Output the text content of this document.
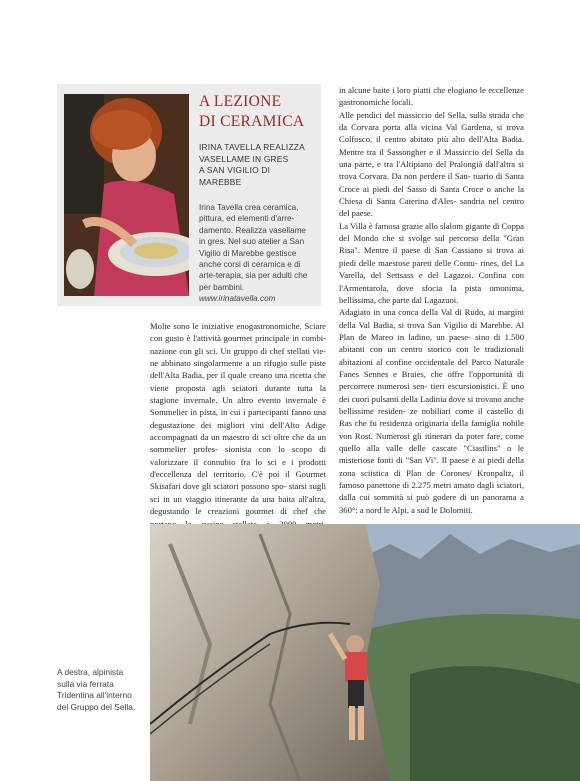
A LEZIONE
DI CERAMICA

IRINA TAVELLA REALIZZA
VASELLAME IN GRES
A SAN VIGILIO DI MAREBBE

Irina Tavella crea ceramica, pittura, ed elementi d'arre- damento. Realizza vasellame in gres. Nel suo atelier a San Vigilio di Marebbe gestisce anche corsi di ceramica e di arte-terapia, sia per adulti che per bambini.

www.irinatavella.com

Molte sono le iniziative enogastronomiche. Sciare con gusto è l'attività gourmet principale in combi- nazione con gli sci. Un gruppo di chef stellati vie- ne abbinato singolarmente a un rifugio sulle piste dell'Alta Badia, per il quale creano una ricetta che viene proposta agli sciatori durante tutta la stagione invernale. Un altro evento invernale è Sommelier in pista, in cui i partecipanti fanno una degustazione dei migliori vini dell'Alto Adige accompagnati da un maestro di sci oltre che da un sommelier profes- sionista con lo scopo di valorizzare il connubio fra lo sci e i prodotti d'eccellenza del territorio. C'è poi il Gourmet Skisafari dove gli sciatori possono spo- starsi sugli sci in un viaggio itinerante da una baita all'altra, degustando le creazioni gourmet di chef che

in alcune baite i loro piatti che elogiano le eccellenze gastronomiche locali.

Alle pendici del massiccio del Sella, sulla strada che da Corvara porta alla vicina Val Gardena, si trova Colfosco, il centro abitato più alto dell'Alta Badia. Mentre tra il Sassongher e il Massiccio del Sella da una parte, e tra l'Altipiano del Pralongià dall'altra si trova Corvara. Da non perdere il San- tuario di Santa Croce ai piedi del Sasso di Santa Croce o anche la Chiesa di Santa Caterina d'Ales- sandria nel centro del paese.

La Villa è famosa grazie allo slalom gigante di Coppa del Mondo che si svolge sul percorso della "Gran Risa". Mentre il paese di San Cassiano si trova ai piedi delle maestose pareti delle Contu- rines, del La Varella, del Settsass e del Lagazoi. Confina con l'Armentarola, dove sfocia la pista omonima, bellissima, che parte dal Lagazuoi.

Adagiato in una conca della Val di Rudo, ai margini della Val Badia, si trova San Vigilio di Marebbe. Al Plan de Mareo in ladino, un paese- sino di 1.500 abitanti con un centro storico con le tradizionali abitazioni al confine occidentale del Parco Naturale Fanes Sennes e Braies, che offre l'opportunità di percorrere numerosi sen- tieri escursionistici. È uno dei cuori pulsanti della Ladinia dove si trovano anche bellissime residen- ze nobiliari come il castello di Ras che fu residenza originaria della famiglia nobile von Rost. Numerosi gli itinerari da poter fare, come quello alla valle delle cascate "Ciastlins" o le misteriose fonti di "San Vì". Il paese è ai piedi della zona sciistica di Plan de Corones/ Kronpaltz, il famoso panettone di 2.275 metri amato dagli sciatori, dalla cui sommità si può godere di un panorama a 360°: a nord le Alpi, a sud le Dolomiti.

A destra, alpinista sulla via ferrata Tridentina all'interno del Gruppo del Sella.
